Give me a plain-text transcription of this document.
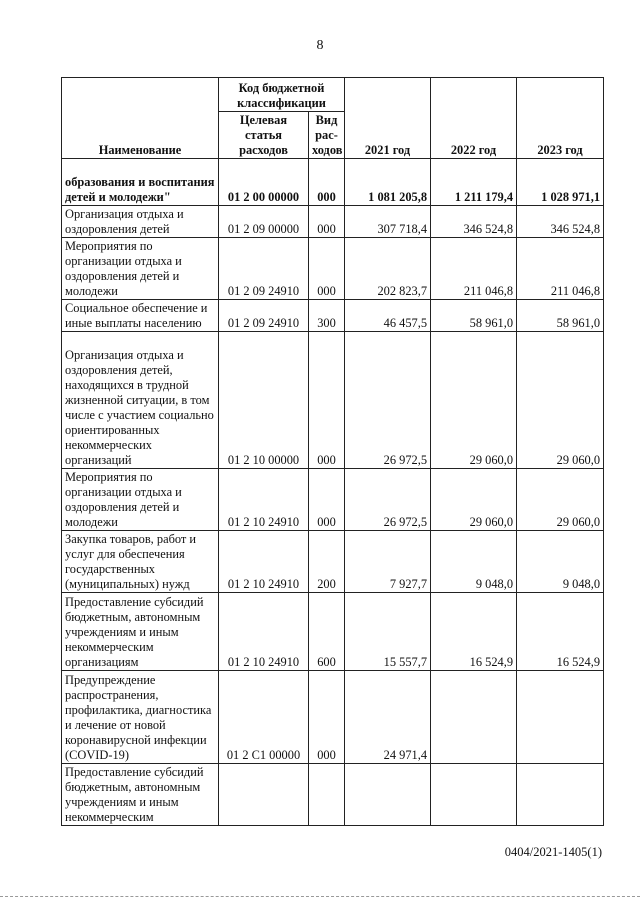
8
Наименование	Код бюджетной классификации		2021 год	2022 год	2023 год
	Целевая статья расходов	Вид рас-ходов			
образования и воспитания детей и молодежи"	01 2 00 00000	000	1 081 205,8	1 211 179,4	1 028 971,1
Организация отдыха и оздоровления детей	01 2 09 00000	000	307 718,4	346 524,8	346 524,8
Мероприятия по организации отдыха и оздоровления детей и молодежи	01 2 09 24910	000	202 823,7	211 046,8	211 046,8
Социальное обеспечение и иные выплаты населению	01 2 09 24910	300	46 457,5	58 961,0	58 961,0
Организация отдыха и оздоровления детей, находящихся в трудной жизненной ситуации, в том числе с участием социально ориентированных некоммерческих организаций	01 2 10 00000	000	26 972,5	29 060,0	29 060,0
Мероприятия по организации отдыха и оздоровления детей и молодежи	01 2 10 24910	000	26 972,5	29 060,0	29 060,0
Закупка товаров, работ и услуг для обеспечения государственных (муниципальных) нужд	01 2 10 24910	200	7 927,7	9 048,0	9 048,0
Предоставление субсидий бюджетным, автономным учреждениям и иным некоммерческим организациям	01 2 10 24910	600	15 557,7	16 524,9	16 524,9
Предупреждение распространения, профилактика, диагностика и лечение от новой коронавирусной инфекции (COVID-19)	01 2 C1 00000	000	24 971,4		
Предоставление субсидий бюджетным, автономным учреждениям и иным некоммерческим					
0404/2021-1405(1)
